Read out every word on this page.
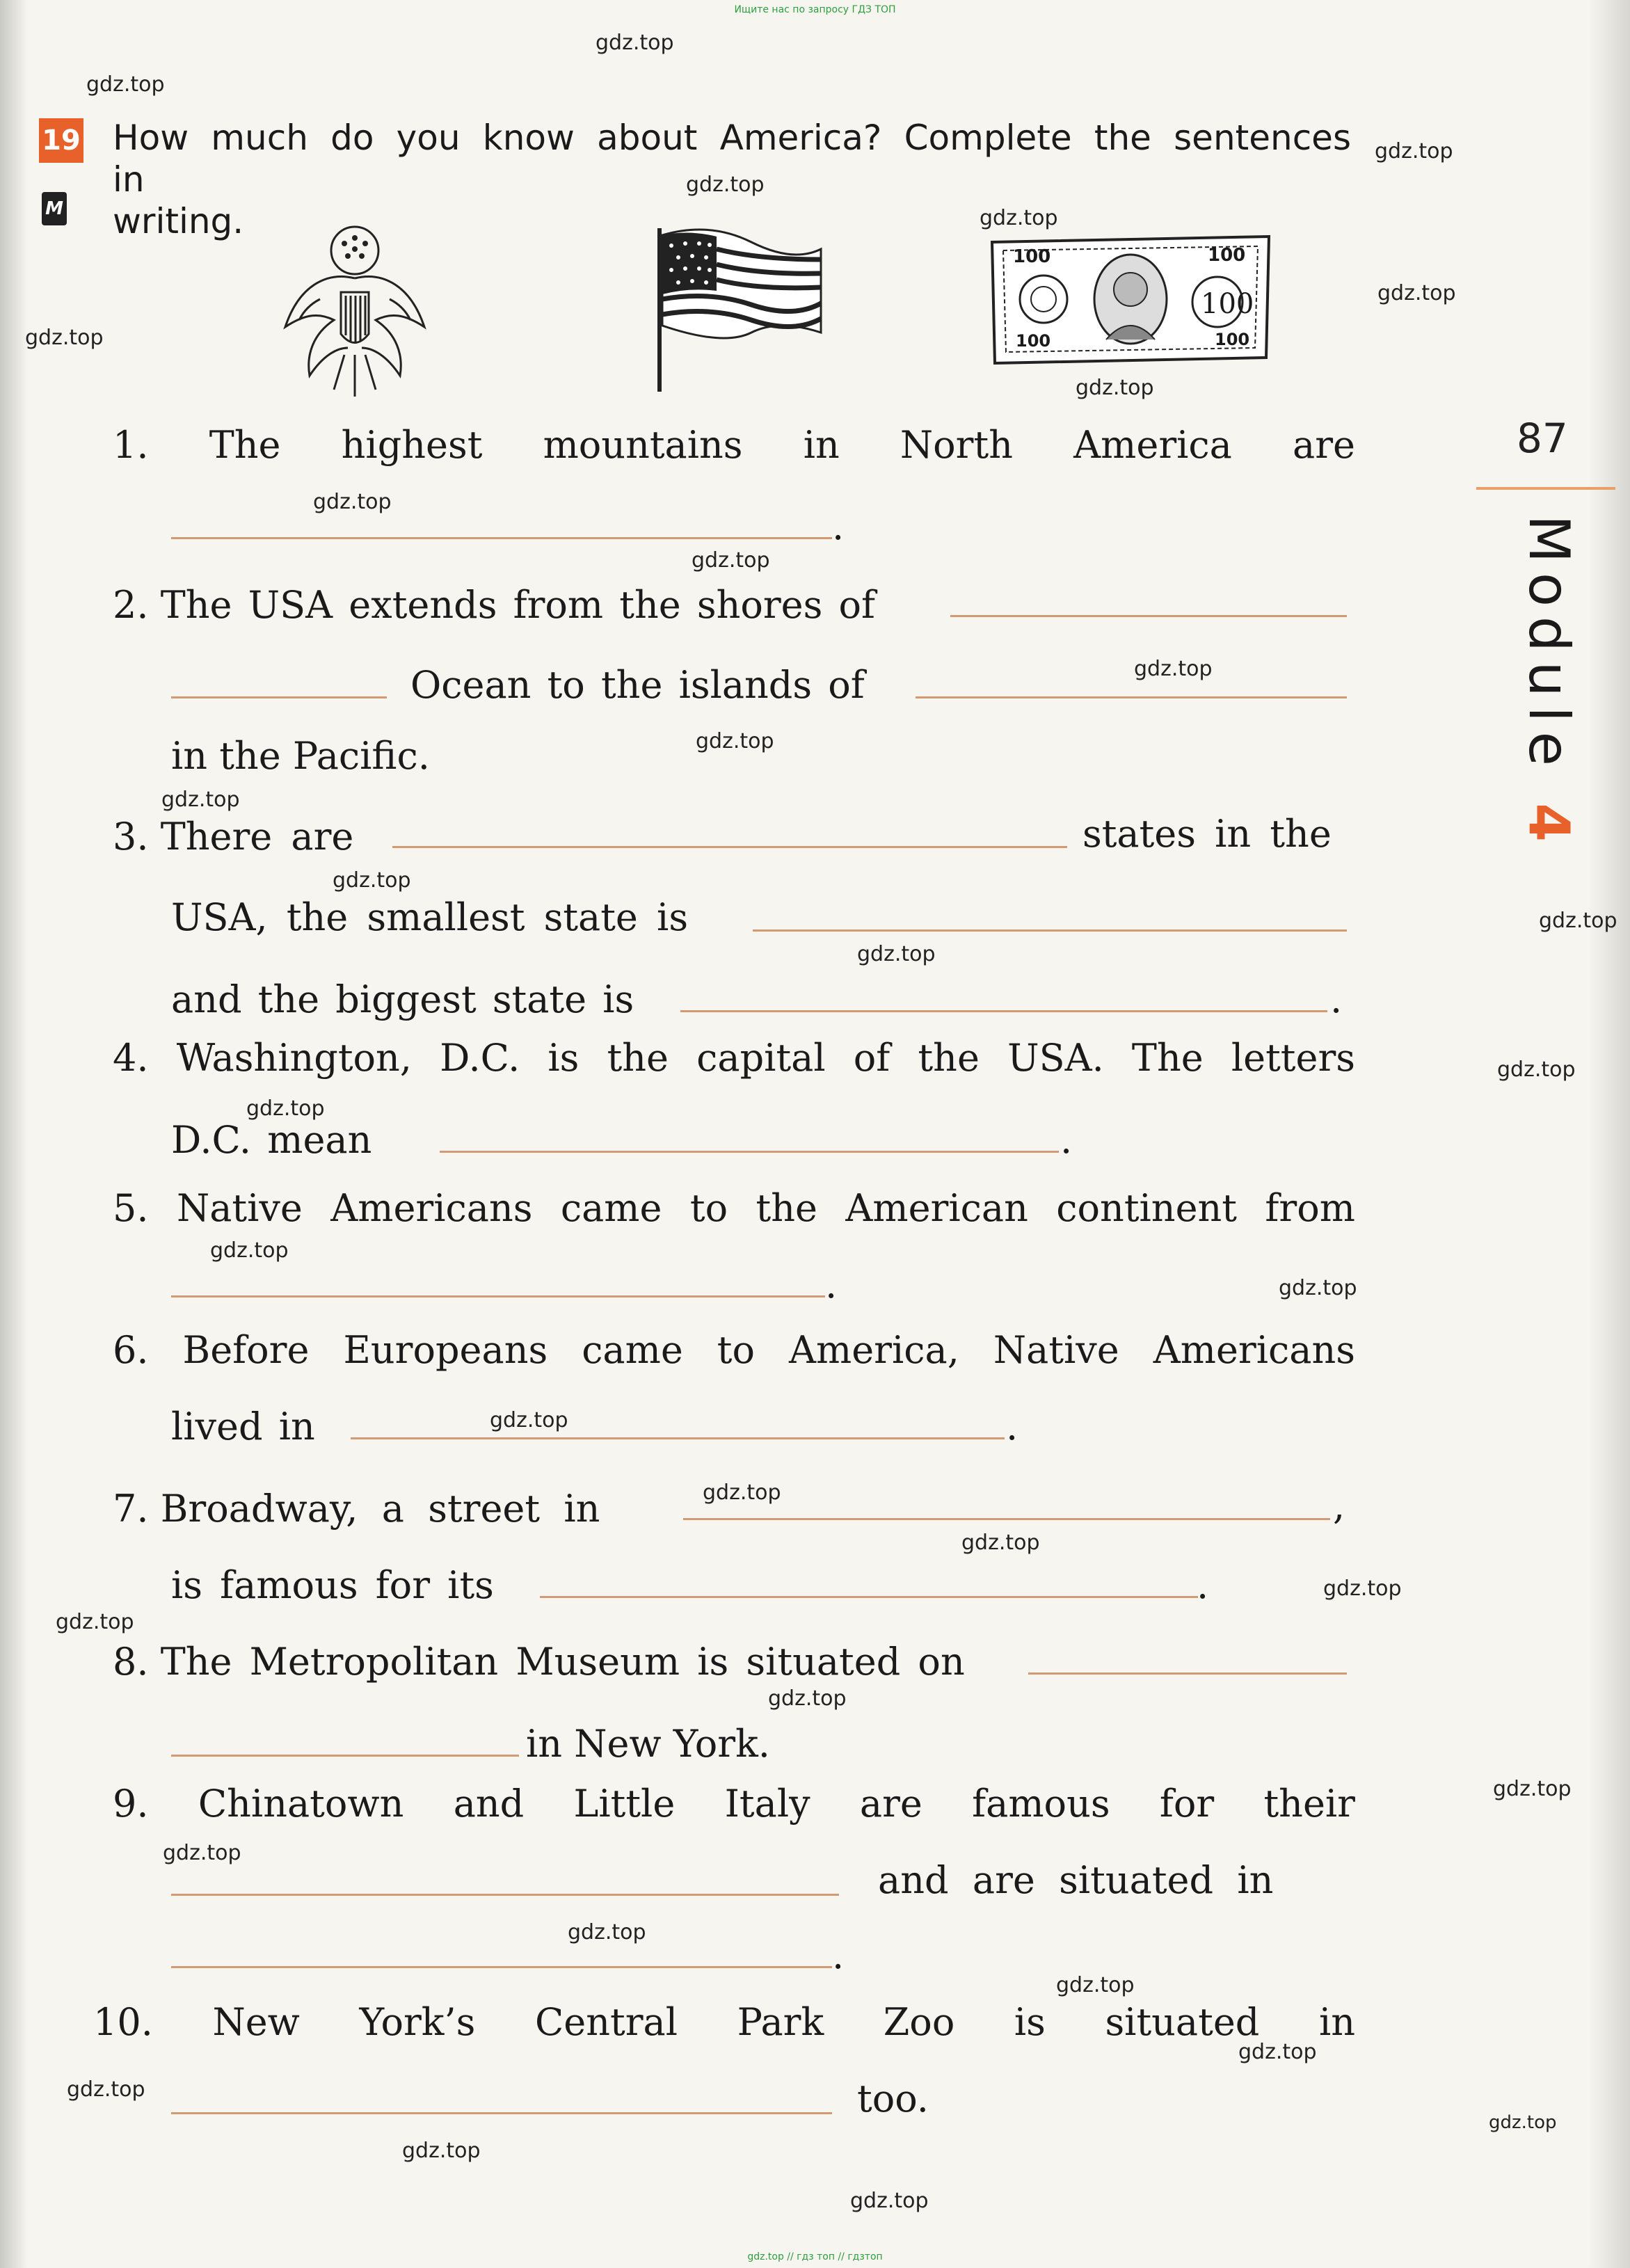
Ищите нас по запросу ГДЗ ТОП
gdz.top
gdz.top
gdz.top
gdz.top
gdz.top
gdz.top
gdz.top
gdz.top
gdz.top
gdz.top
gdz.top
gdz.top
gdz.top
gdz.top
gdz.top
gdz.top
gdz.top
gdz.top
gdz.top
gdz.top
gdz.top
gdz.top
gdz.top
gdz.top
gdz.top
gdz.top
gdz.top
gdz.top
gdz.top
gdz.top
gdz.top
gdz.top
gdz.top
gdz.top
gdz.top
19
M
How much do you know about America? Complete the sentences in
writing.
100	100
100
100	100
87
Module 4
1. The highest mountains in North America are
.
2. The USA extends from the shores of
Ocean to the islands of
in the Pacific.
3. There are	states in the
USA, the smallest state is
and the biggest state is	.
4. Washington, D.C. is the capital of the USA. The letters
D.C. mean	.
5. Native Americans came to the American continent from
.
6. Before Europeans came to America, Native Americans
lived in	.
7. Broadway,  a  street  in	,
is famous for its	.
8. The Metropolitan Museum is situated on
in New York.
9. Chinatown and Little Italy are famous for their
and  are  situated  in
.
10. New York’s Central Park Zoo is situated in
too.
gdz.top // гдз топ // гдзтоп
